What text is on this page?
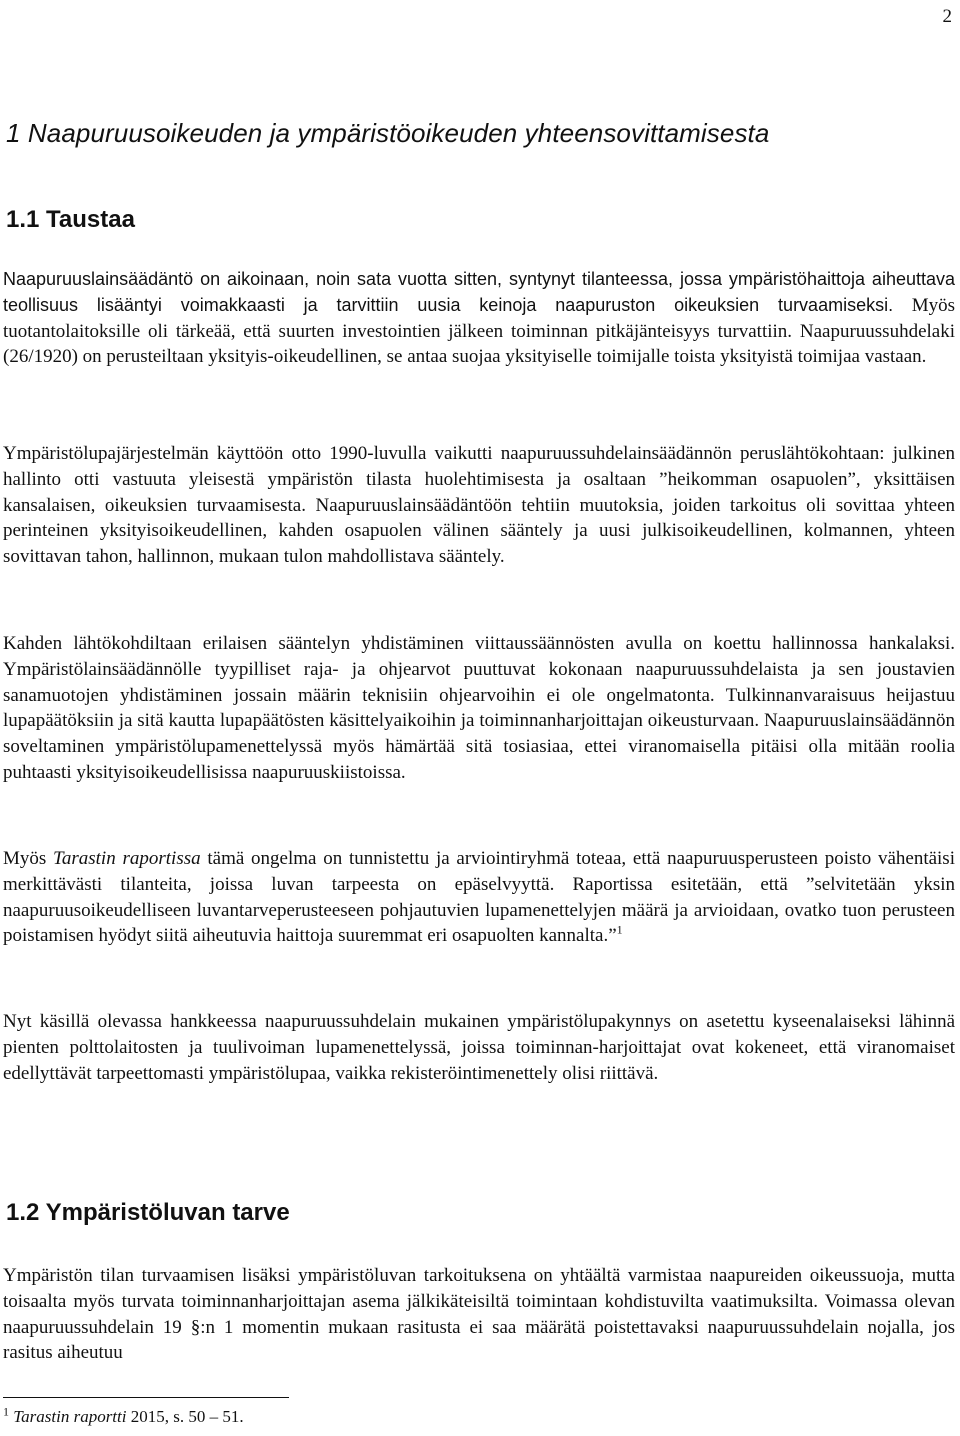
2
1 Naapuruusoikeuden ja ympäristöoikeuden yhteensovittamisesta
1.1 Taustaa

Naapuruuslainsäädäntö on aikoinaan, noin sata vuotta sitten, syntynyt tilanteessa, jossa ympäristöhaittoja aiheuttava teollisuus lisääntyi voimakkaasti ja tarvittiin uusia keinoja naapuruston oikeuksien turvaamiseksi. Myös tuotantolaitoksille oli tärkeää, että suurten investointien jälkeen toiminnan pitkäjänteisyys turvattiin. Naapuruussuhdelaki (26/1920) on perusteiltaan yksityis-oikeudellinen, se antaa suojaa yksityiselle toimijalle toista yksityistä toimijaa vastaan.

Ympäristölupajärjestelmän käyttöön otto 1990-luvulla vaikutti naapuruussuhdelainsäädännön peruslähtökohtaan: julkinen hallinto otti vastuuta yleisestä ympäristön tilasta huolehtimisesta ja osaltaan ”heikomman osapuolen”, yksittäisen kansalaisen, oikeuksien turvaamisesta. Naapuruuslainsäädäntöön tehtiin muutoksia, joiden tarkoitus oli sovittaa yhteen perinteinen yksityisoikeudellinen, kahden osapuolen välinen sääntely ja uusi julkisoikeudellinen, kolmannen, yhteen sovittavan tahon, hallinnon, mukaan tulon mahdollistava sääntely.

Kahden lähtökohdiltaan erilaisen sääntelyn yhdistäminen viittaussäännösten avulla on koettu hallinnossa hankalaksi. Ympäristölainsäädännölle tyypilliset raja- ja ohjearvot puuttuvat kokonaan naapuruussuhdelaista ja sen joustavien sanamuotojen yhdistäminen jossain määrin teknisiin ohjearvoihin ei ole ongelmatonta. Tulkinnanvaraisuus heijastuu lupapäätöksiin ja sitä kautta lupapäätösten käsittelyaikoihin ja toiminnanharjoittajan oikeusturvaan. Naapuruuslainsäädännön soveltaminen ympäristölupamenettelyssä myös hämärtää sitä tosiasiaa, ettei viranomaisella pitäisi olla mitään roolia puhtaasti yksityisoikeudellisissa naapuruuskiistoissa.

Myös Tarastin raportissa tämä ongelma on tunnistettu ja arviointiryhmä toteaa, että naapuruusperusteen poisto vähentäisi merkittävästi tilanteita, joissa luvan tarpeesta on epäselvyyttä. Raportissa esitetään, että ”selvitetään yksin naapuruusoikeudelliseen luvantarveperusteeseen pohjautuvien lupamenettelyjen määrä ja arvioidaan, ovatko tuon perusteen poistamisen hyödyt siitä aiheutuvia haittoja suuremmat eri osapuolten kannalta.”$^1$

Nyt käsillä olevassa hankkeessa naapuruussuhdelain mukainen ympäristölupakynnys on asetettu kyseenalaiseksi lähinnä pienten polttolaitosten ja tuulivoiman lupamenettelyssä, joissa toiminnan-harjoittajat ovat kokeneet, että viranomaiset edellyttävät tarpeettomasti ympäristölupaa, vaikka rekisteröintimenettely olisi riittävä.

1.2 Ympäristöluvan tarve

Ympäristön tilan turvaamisen lisäksi ympäristöluvan tarkoituksena on yhtäältä varmistaa naapureiden oikeussuoja, mutta toisaalta myös turvata toiminnanharjoittajan asema jälkikäteisiltä toimintaan kohdistuvilta vaatimuksilta. Voimassa olevan naapuruussuhdelain 19 §:n 1 momentin mukaan rasitusta ei saa määrätä poistettavaksi naapuruussuhdelain nojalla, jos rasitus aiheutuu

$^1$ Tarastin raportti 2015, s. 50 – 51.
